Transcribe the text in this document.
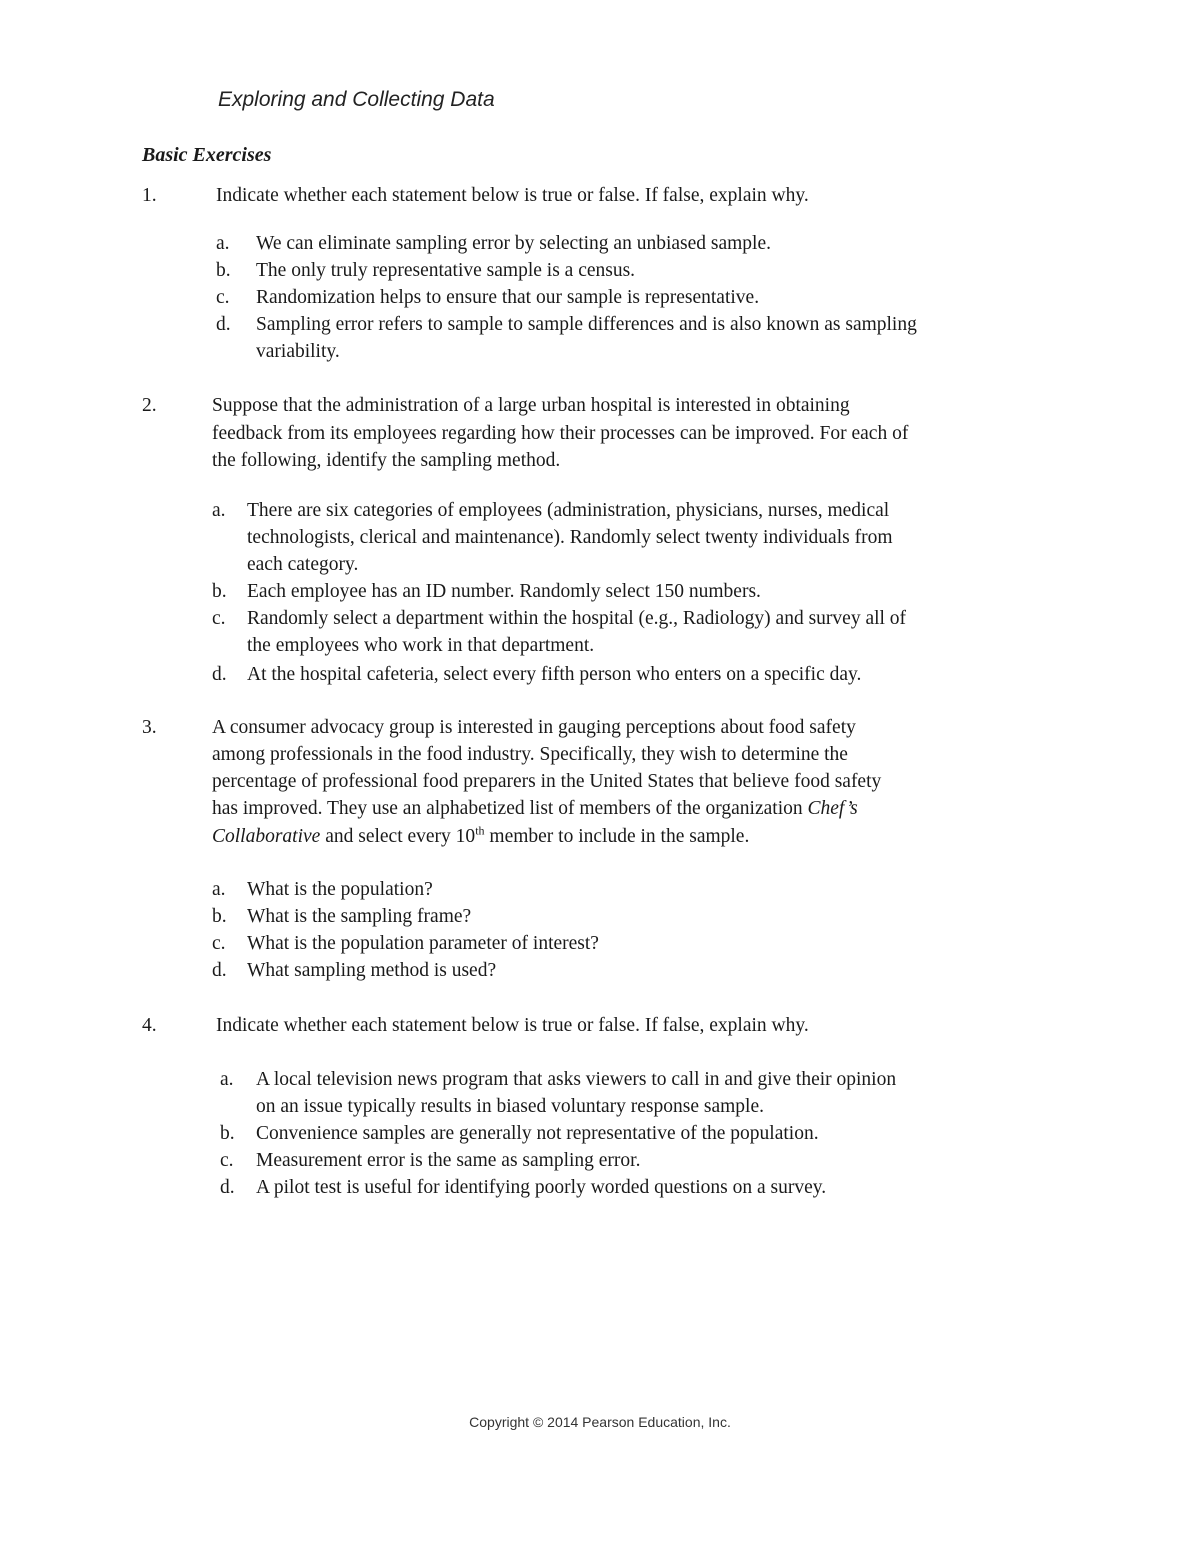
Exploring and Collecting Data
Basic Exercises
1.	Indicate whether each statement below is true or false. If false, explain why.
a. We can eliminate sampling error by selecting an unbiased sample.
b. The only truly representative sample is a census.
c. Randomization helps to ensure that our sample is representative.
d. Sampling error refers to sample to sample differences and is also known as sampling
variability.
2.	Suppose that the administration of a large urban hospital is interested in obtaining
feedback from its employees regarding how their processes can be improved. For each of
the following, identify the sampling method.
a. There are six categories of employees (administration, physicians, nurses, medical
technologists, clerical and maintenance). Randomly select twenty individuals from
each category.
b. Each employee has an ID number. Randomly select 150 numbers.
c. Randomly select a department within the hospital (e.g., Radiology) and survey all of
the employees who work in that department.
d. At the hospital cafeteria, select every fifth person who enters on a specific day.
3.	A consumer advocacy group is interested in gauging perceptions about food safety
among professionals in the food industry. Specifically, they wish to determine the
percentage of professional food preparers in the United States that believe food safety
has improved. They use an alphabetized list of members of the organization Chef’s
Collaborative and select every 10th member to include in the sample.
a. What is the population?
b. What is the sampling frame?
c. What is the population parameter of interest?
d. What sampling method is used?
4.	Indicate whether each statement below is true or false. If false, explain why.
a. A local television news program that asks viewers to call in and give their opinion
on an issue typically results in biased voluntary response sample.
b. Convenience samples are generally not representative of the population.
c. Measurement error is the same as sampling error.
d. A pilot test is useful for identifying poorly worded questions on a survey.
Copyright © 2014 Pearson Education, Inc.
